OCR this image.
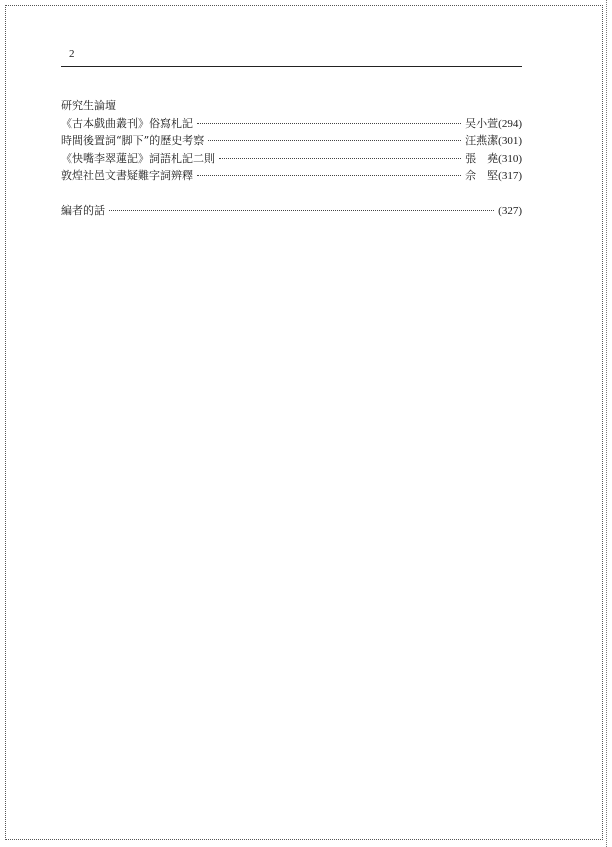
2
研究生論壇
《古本戲曲叢刊》俗寫札記	吴小萱 (294)
時間後置詞“脚下”的歷史考察	汪燕潔 (301)
《快嘴李翠蓮記》詞語札記二則	張　堯 (310)
敦煌社邑文書疑難字詞辨釋	佘　堅 (317)
編者的話	(327)
